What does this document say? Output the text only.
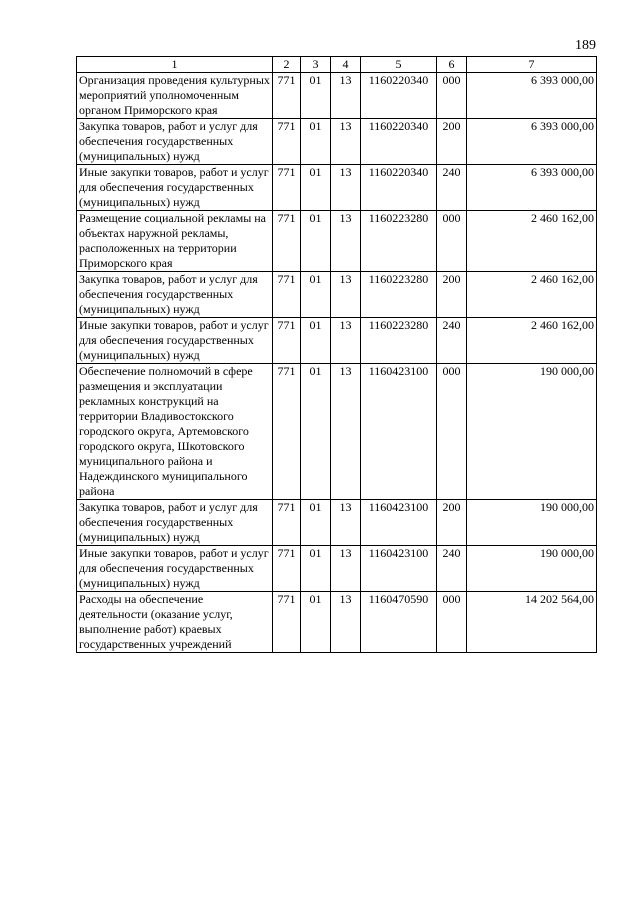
189
1	2	3	4	5	6	7
Организация проведения культурных мероприятий уполномоченным органом Приморского края	771	01	13	1160220340	000	6 393 000,00
Закупка товаров, работ и услуг для обеспечения государственных (муниципальных) нужд	771	01	13	1160220340	200	6 393 000,00
Иные закупки товаров, работ и услуг для обеспечения государственных (муниципальных) нужд	771	01	13	1160220340	240	6 393 000,00
Размещение социальной рекламы на объектах наружной рекламы, расположенных на территории Приморского края	771	01	13	1160223280	000	2 460 162,00
Закупка товаров, работ и услуг для обеспечения государственных (муниципальных) нужд	771	01	13	1160223280	200	2 460 162,00
Иные закупки товаров, работ и услуг для обеспечения государственных (муниципальных) нужд	771	01	13	1160223280	240	2 460 162,00
Обеспечение полномочий в сфере размещения и эксплуатации рекламных конструкций на территории Владивостокского городского округа, Артемовского городского округа, Шкотовского муниципального района и Надеждинского муниципального района	771	01	13	1160423100	000	190 000,00
Закупка товаров, работ и услуг для обеспечения государственных (муниципальных) нужд	771	01	13	1160423100	200	190 000,00
Иные закупки товаров, работ и услуг для обеспечения государственных (муниципальных) нужд	771	01	13	1160423100	240	190 000,00
Расходы на обеспечение деятельности (оказание услуг, выполнение работ) краевых государственных учреждений	771	01	13	1160470590	000	14 202 564,00
